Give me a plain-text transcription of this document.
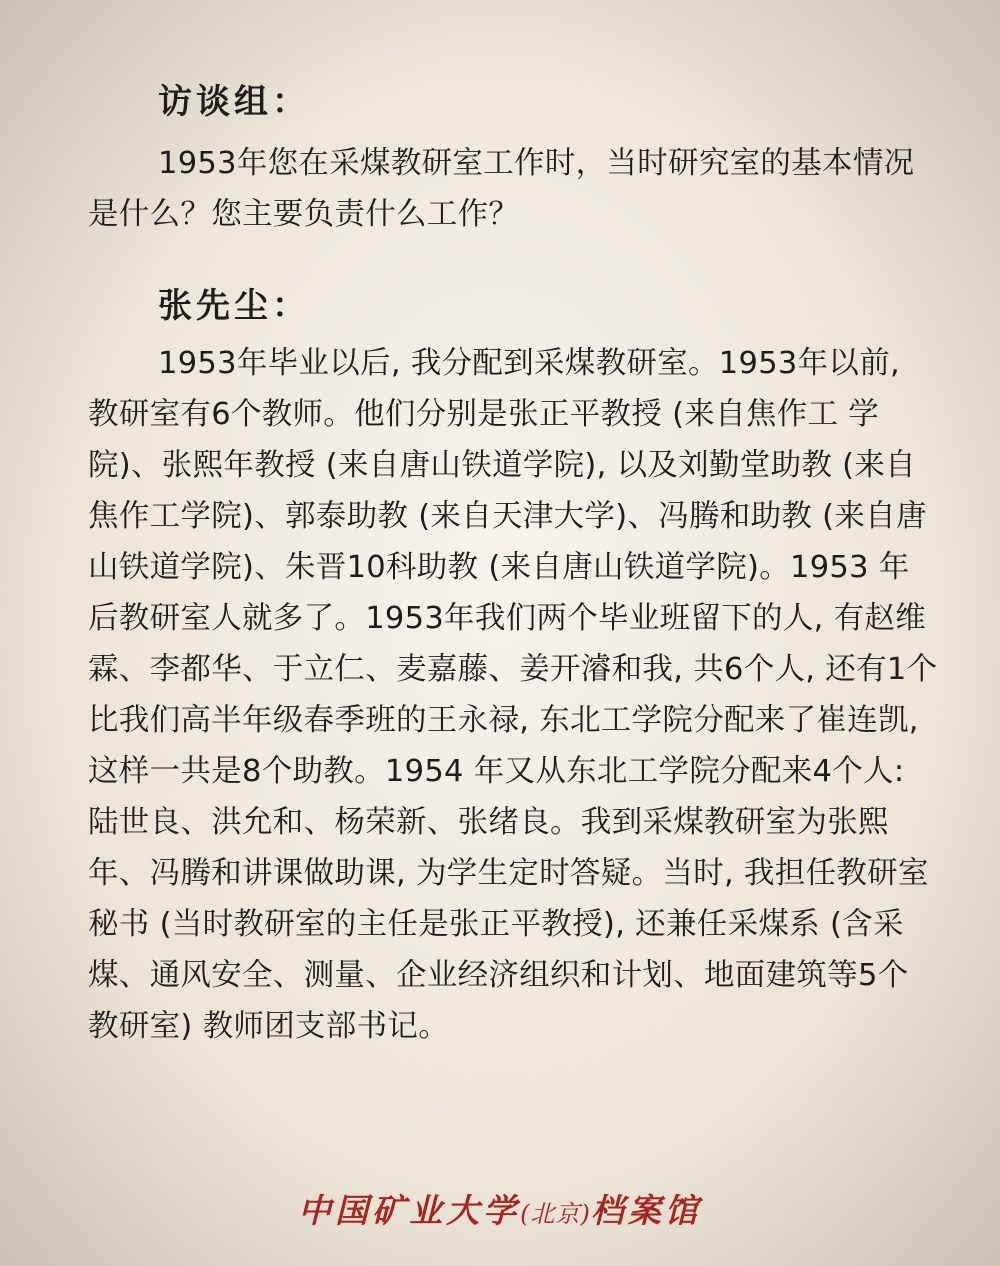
访谈组：

1953年您在采煤教研室工作时，当时研究室的基本情况是什么？您主要负责什么工作？

张先尘：

1953年毕业以后, 我分配到采煤教研室。1953年以前, 教研室有6个教师。他们分别是张正平教授 (来自焦作工 学院)、张熙年教授 (来自唐山铁道学院), 以及刘勤堂助教 (来自焦作工学院)、郭泰助教 (来自天津大学)、冯腾和助教 (来自唐山铁道学院)、朱晋10科助教 (来自唐山铁道学院)。1953 年后教研室人就多了。1953年我们两个毕业班留下的人, 有赵维霖、李都华、于立仁、麦嘉藤、姜开濬和我, 共6个人, 还有1个比我们高半年级春季班的王永禄, 东北工学院分配来了崔连凯, 这样一共是8个助教。1954 年又从东北工学院分配来4个人: 陆世良、洪允和、杨荣新、张绪良。我到采煤教研室为张熙年、冯腾和讲课做助课, 为学生定时答疑。当时, 我担任教研室秘书 (当时教研室的主任是张正平教授), 还兼任采煤系 (含采煤、通风安全、测量、企业经济组织和计划、地面建筑等5个教研室) 教师团支部书记。

中国矿业大学(北京)档案馆
